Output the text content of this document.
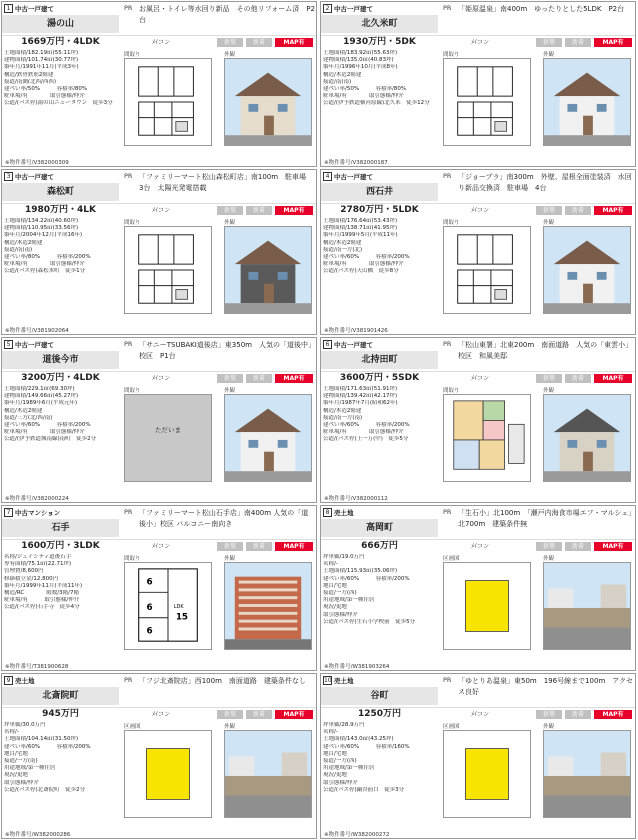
1 中古一戸建て
湯の山
PR お風呂・トイレ等水回り新品　その他リフォーム済　P2台
1669万円・4LDK	ﾒｲコン	新築	新着	MAP有
土地面積/182.19㎡(55.11坪)
建物面積/101.74㎡(30.77坪)
築年月/1991年11月(平成3年)
構造/鉄骨鉄筋2階建
接道/南側(北西/西西)
建ぺい率/50%　　　容積率/80%
駐車場/有　　　　取引態様/仲介
公道/(バス停)湯の山ニュータウン　徒歩3分
間取り	外観
※物件番号/V382000309
2 中古一戸建て
北久米町
PR 「姫原温泉」南400m　ゆったりとした5LDK　P2台
1930万円・5DK	ﾒｲコン	新築	新着	MAP有
土地面積/183.92㎡(55.63坪)
建物面積/135.0㎡(40.83坪)
築年月/1996年10月(平成8年)
構造/木造2階建
接道/南(南)
建ぺい率/50%　　　容積率/80%
駐車場/有　　　　取引態様/仲介
公道/(伊予鉄道横河原線)北久米　徒歩12分
間取り	外観
※物件番号/V382000187
3 中古一戸建て
森松町
PR 「ファミリーマート松山森松町店」南100m　駐車場　3台　太陽光発電搭載
1980万円・4LK	ﾒｲコン	新築	新着	MAP有
土地面積/134.22㎡(40.60坪)
建物面積/110.95㎡(33.56坪)
築年月/2004年12月(平成16年)
構造/木造2階建
接道/南(南)
建ぺい率/80%　　　容積率/200%
駐車場/有　　　　取引態様/仲介
公道/(バス停)森松本町　徒歩1分
間取り	外観
※物件番号/V381902064
4 中古一戸建て
西石井
PR 「ジョープラ」南300m　外壁、屋根全面塗装済　水回り新品交換済　駐車場　4台
2780万円・5LDK	ﾒｲコン	新築	新着	MAP有
土地面積/176.64㎡(53.43坪)
建物面積/138.71㎡(41.95坪)
築年月/1999年5月(平成11年)
構造/木造2階建
接道/南一方(北)
建ぺい率/60%　　　容積率/200%
駐車場/有　　　　取引態様/仲介
公道/(バス停)天山橋　徒歩8分
間取り	外観
※物件番号/V381901426
5 中古一戸建て
道後今市
PR 「サニーTSUBAKI道後店」東350m　人気の「道後中」校区　P1台
3200万円・4LDK	ﾒｲコン	新築	新着	MAP有
土地面積/229.1㎡(69.30坪)
建物面積/149.66㎡(45.27坪)
築年月/1989年6月(平成元年)
構造/木造2階建
接道/三方(北/西/南)
建ぺい率/60%　　　容積率/200%
駐車場/有　　　　取引態様/仲介
公道/(伊予鉄道城南線)南町　徒歩2分
間取り	外観
ただいま
※物件番号/V382000224
6 中古一戸建て
北持田町
PR 「松山東署」北東200m　南面道路　人気の「東雲小」校区　和風美邸
3600万円・5SDK	ﾒｲコン	新築	新着	MAP有
土地面積/171.63㎡(51.91坪)
建物面積/139.42㎡(42.17坪)
築年月/1987年7月(昭和62年)
構造/木造2階建
接道/南一方(南)
建ぺい率/60%　　　容積率/200%
駐車場/有　　　　取引態様/仲介
公道/(バス停)上一万(中)　徒歩5分
間取り	外観
※物件番号/V382000112
7 中古マンション
石手
PR 「ファミリーマート松山石手店」南400m 人気の「道後小」校区 バルコニー南向き
1600万円・3LDK	ﾒｲコン	新築	新着	MAP有
名称/ジェイシティ道後石手
専有面積/75.1㎡(22.71坪)
管理費/8,600円
修繕積立金/12,800円
築年月/1999年11月(平成11年)
構造/RC　　　　階数/3階/7階
駐車場/有　　　取引態様/仲介
公道/(バス停)石手寺　徒歩4分
間取り	外観
6
6
6
15
LDK
※物件番号/T381900628
8 売土地
高岡町
PR 「生石小」北100m　「瀬戸内海食市場エフ・マルシェ」北700m　建築条件無
666万円	ﾒｲコン	新築	新着	MAP有
坪単価/19.0万円
名称/-
土地面積/115.93㎡(35.06坪)
建ぺい率/60%　　　容積率/200%
地目/宅地
接道/一方(西)
用途地域/第一種住居
現況/更地
取引態様/仲介
公道/(バス停)生石小学校前　徒歩5分
区画図	外観
※物件番号/W381903264
9 売土地
北斎院町
PR 「フジ北斎院店」西100m　南面道路　建築条件なし
945万円	ﾒｲコン	新築	新着	MAP有
坪単価/30.0万円
名称/-
土地面積/104.14㎡(31.50坪)
建ぺい率/60%　　　容積率/200%
地目/宅地
接道/一方(南)
用途地域/第一種住居
現況/更地
取引態様/仲介
公道/(バス停)北斎院町　徒歩2分
区画図	外観
※物件番号/W382000286
10 売土地
谷町
PR 「ゆとりあ温泉」東50m　196号線まで100m　アクセス良好
1250万円	ﾒｲコン	新築	新着	MAP有
坪単価/28.9万円
名称/-
土地面積/143.0㎡(43.25坪)
建ぺい率/60%　　　容積率/160%
地目/宅地
接道/一方(西)
用途地域/第一種住居
現況/更地
取引態様/仲介
公道/(バス停)鍋谷前口　徒歩3分
区画図	外観
※物件番号/W382000272
